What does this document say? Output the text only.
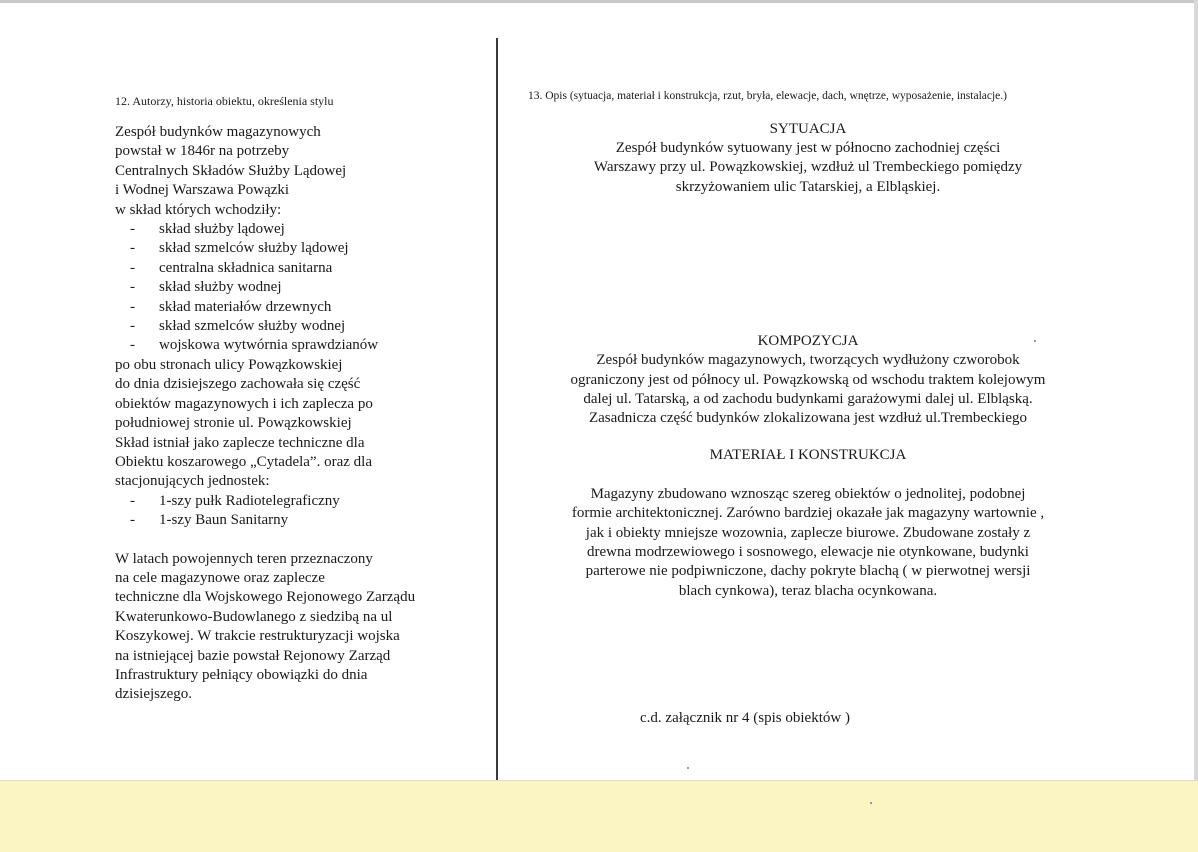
12. Autorzy, historia obiektu, określenia stylu

Zespół budynków magazynowych

powstał w 1846r na potrzeby

Centralnych Składów Służby Lądowej

i Wodnej Warszawa Powązki

w skład których wchodziły:

- skład służby lądowej
- skład szmelców służby lądowej
- centralna składnica sanitarna
- skład służby wodnej
- skład materiałów drzewnych
- skład szmelców służby wodnej
- wojskowa wytwórnia sprawdzianów

po obu stronach ulicy Powązkowskiej

do dnia dzisiejszego zachowała się część

obiektów magazynowych i ich zaplecza po

południowej stronie ul. Powązkowskiej

Skład istniał jako zaplecze techniczne dla

Obiektu koszarowego „Cytadela”. oraz dla

stacjonujących jednostek:

- 1-szy pułk Radiotelegraficzny
- 1-szy Baun Sanitarny

W latach powojennych teren przeznaczony

na cele magazynowe oraz zaplecze

techniczne dla Wojskowego Rejonowego Zarządu

Kwaterunkowo-Budowlanego z siedzibą na ul

Koszykowej. W trakcie restrukturyzacji wojska

na istniejącej bazie powstał Rejonowy Zarząd

Infrastruktury pełniący obowiązki do dnia

dzisiejszego.

13. Opis (sytuacja, materiał i konstrukcja, rzut, bryła, elewacje, dach, wnętrze, wyposażenie, instalacje.)

SYTUACJA

Zespół budynków sytuowany jest w północno zachodniej części

Warszawy przy ul. Powązkowskiej, wzdłuż ul Trembeckiego pomiędzy

skrzyżowaniem ulic Tatarskiej, a Elbląskiej.

KOMPOZYCJA

Zespół budynków magazynowych, tworzących wydłużony czworobok

ograniczony jest od północy ul. Powązkowską od wschodu traktem kolejowym

dalej ul. Tatarską, a od zachodu budynkami garażowymi dalej ul. Elbląską.

Zasadnicza część budynków zlokalizowana jest wzdłuż ul.Trembeckiego

MATERIAŁ I KONSTRUKCJA

Magazyny zbudowano wznosząc szereg obiektów o jednolitej, podobnej

formie architektonicznej. Zarówno bardziej okazałe jak magazyny wartownie ,

jak i obiekty mniejsze wozownia, zaplecze biurowe. Zbudowane zostały z

drewna modrzewiowego i sosnowego, elewacje nie otynkowane, budynki

parterowe nie podpiwniczone, dachy pokryte blachą ( w pierwotnej wersji

blach cynkowa), teraz blacha ocynkowana.

c.d. załącznik nr 4 (spis obiektów )
